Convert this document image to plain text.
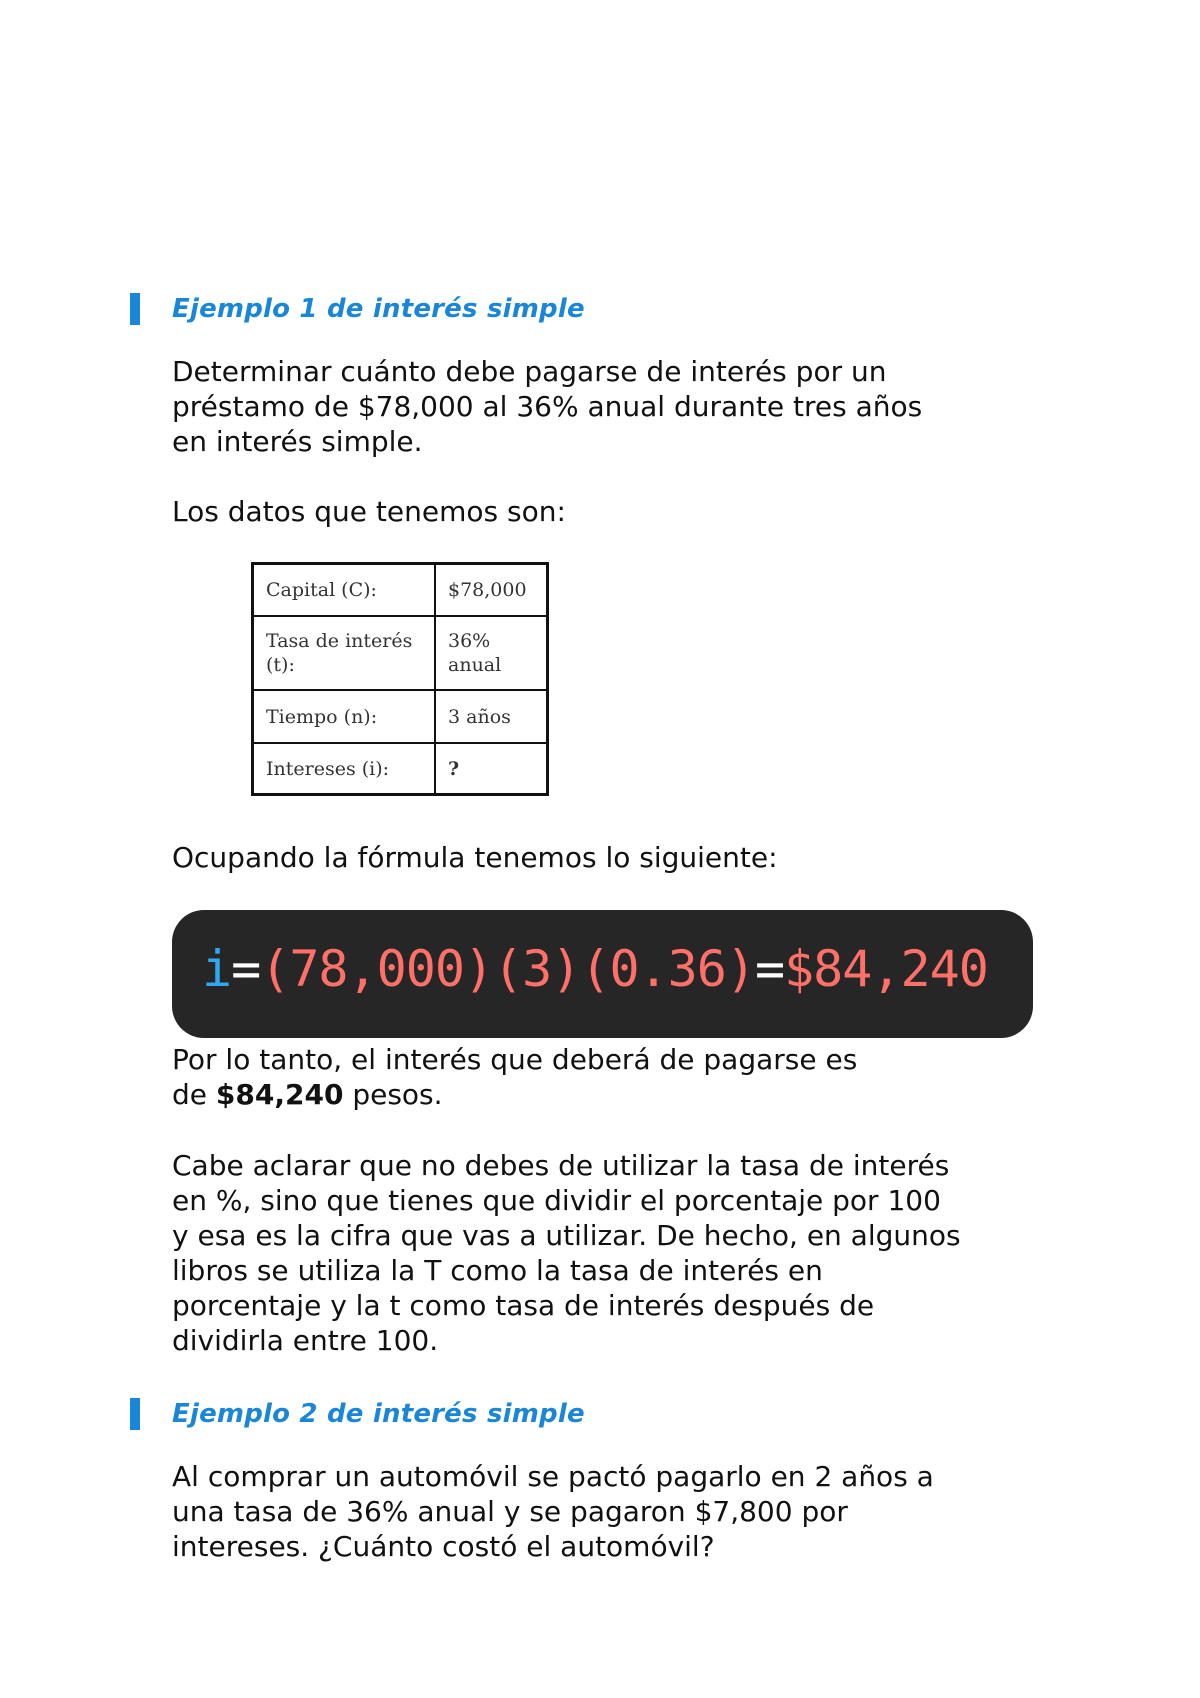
Ejemplo 1 de interés simple

Determinar cuánto debe pagarse de interés por un
préstamo de $78,000 al 36% anual durante tres años
en interés simple.

Los datos que tenemos son:

Capital (C):	$78,000
Tasa de interés (t):	36% anual
Tiempo (n):	3 años
Intereses (i):	?

Ocupando la fórmula tenemos lo siguiente:

i=(78,000)(3)(0.36)=$84,240

Por lo tanto, el interés que deberá de pagarse es
de $84,240 pesos.

Cabe aclarar que no debes de utilizar la tasa de interés
en %, sino que tienes que dividir el porcentaje por 100
y esa es la cifra que vas a utilizar. De hecho, en algunos
libros se utiliza la T como la tasa de interés en
porcentaje y la t como tasa de interés después de
dividirla entre 100.

Ejemplo 2 de interés simple

Al comprar un automóvil se pactó pagarlo en 2 años a
una tasa de 36% anual y se pagaron $7,800 por
intereses. ¿Cuánto costó el automóvil?
